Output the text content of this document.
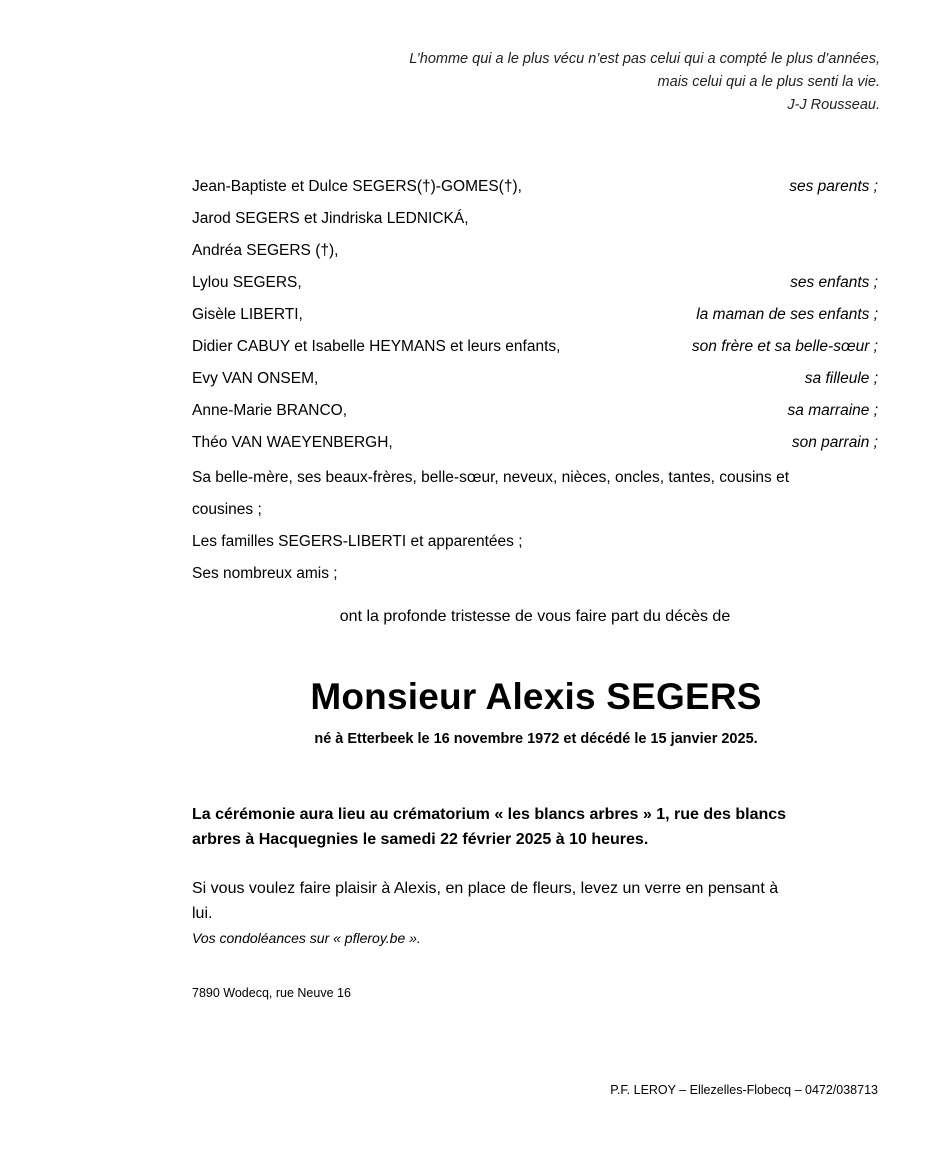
L’homme qui a le plus vécu n’est pas celui qui a compté le plus d’années,
mais celui qui a le plus senti la vie.
J-J Rousseau.
Jean-Baptiste et Dulce SEGERS(†)-GOMES(†),	ses parents ;
Jarod SEGERS et Jindriska LEDNICKÁ,
Andréa SEGERS (†),
Lylou SEGERS,	ses enfants ;
Gisèle LIBERTI,	la maman de ses enfants ;
Didier CABUY et Isabelle HEYMANS et leurs enfants,	son frère et sa belle-sœur ;
Evy VAN ONSEM,	sa filleule ;
Anne-Marie BRANCO,	sa marraine ;
Théo VAN WAEYENBERGH,	son parrain ;
Sa belle-mère, ses beaux-frères, belle-sœur, neveux, nièces, oncles, tantes, cousins et
cousines ;
Les familles SEGERS-LIBERTI et apparentées ;
Ses nombreux amis ;
ont la profonde tristesse de vous faire part du décès de
Monsieur Alexis SEGERS
né à Etterbeek le 16 novembre 1972 et décédé le 15 janvier 2025.
La cérémonie aura lieu au crématorium « les blancs arbres » 1, rue des blancs
arbres à Hacquegnies le samedi 22 février 2025 à 10 heures.
Si vous voulez faire plaisir à Alexis, en place de fleurs, levez un verre en pensant à
lui.
Vos condoléances sur « pfleroy.be ».
7890 Wodecq, rue Neuve 16
P.F. LEROY – Ellezelles-Flobecq – 0472/038713
